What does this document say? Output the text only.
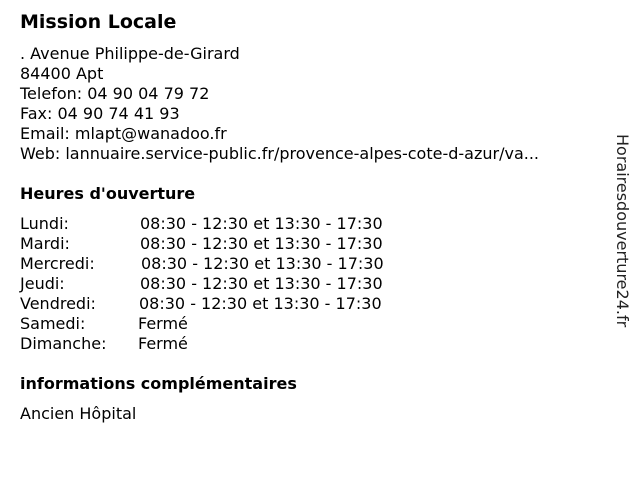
Mission Locale
. Avenue Philippe-de-Girard
84400 Apt
Telefon: 04 90 04 79 72
Fax: 04 90 74 41 93
Email: mlapt@wanadoo.fr
Web: lannuaire.service-public.fr/provence-alpes-cote-d-azur/va...
Heures d'ouverture
Lundi:	08:30 - 12:30 et 13:30 - 17:30
Mardi:	08:30 - 12:30 et 13:30 - 17:30
Mercredi:	08:30 - 12:30 et 13:30 - 17:30
Jeudi:	08:30 - 12:30 et 13:30 - 17:30
Vendredi:	08:30 - 12:30 et 13:30 - 17:30
Samedi:	Fermé
Dimanche: Fermé
informations complémentaires
Ancien Hôpital
Horairesdouverture24.fr
